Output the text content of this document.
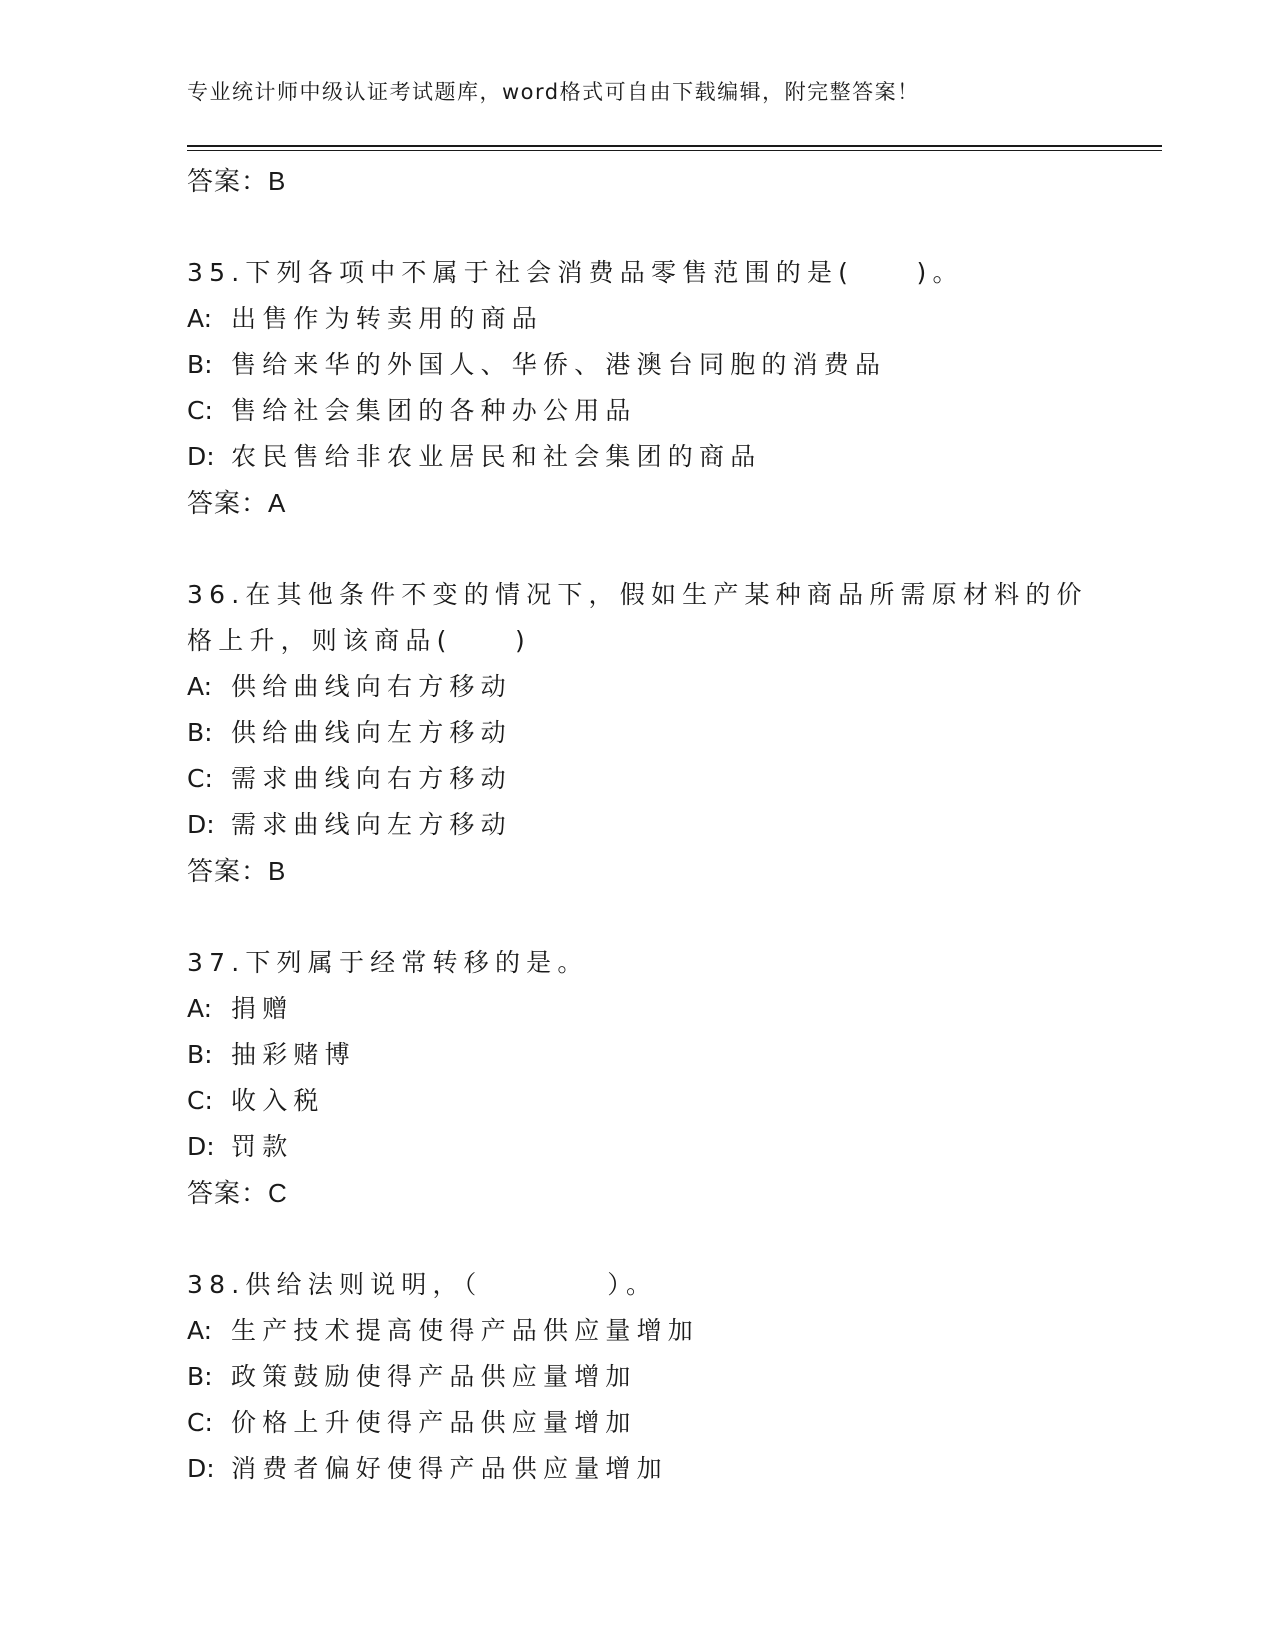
专业统计师中级认证考试题库，word格式可自由下载编辑，附完整答案！
答案：B
35.下列各项中不属于社会消费品零售范围的是(　　)。
A: 出售作为转卖用的商品
B: 售给来华的外国人、华侨、港澳台同胞的消费品
C: 售给社会集团的各种办公用品
D: 农民售给非农业居民和社会集团的商品
答案：A
36.在其他条件不变的情况下，假如生产某种商品所需原材料的价格上升，则该商品(　　)
A: 供给曲线向右方移动
B: 供给曲线向左方移动
C: 需求曲线向右方移动
D: 需求曲线向左方移动
答案：B
37.下列属于经常转移的是。
A: 捐赠
B: 抽彩赌博
C: 收入税
D: 罚款
答案：C
38.供给法则说明，（　　　　）。
A: 生产技术提高使得产品供应量增加
B: 政策鼓励使得产品供应量增加
C: 价格上升使得产品供应量增加
D: 消费者偏好使得产品供应量增加
